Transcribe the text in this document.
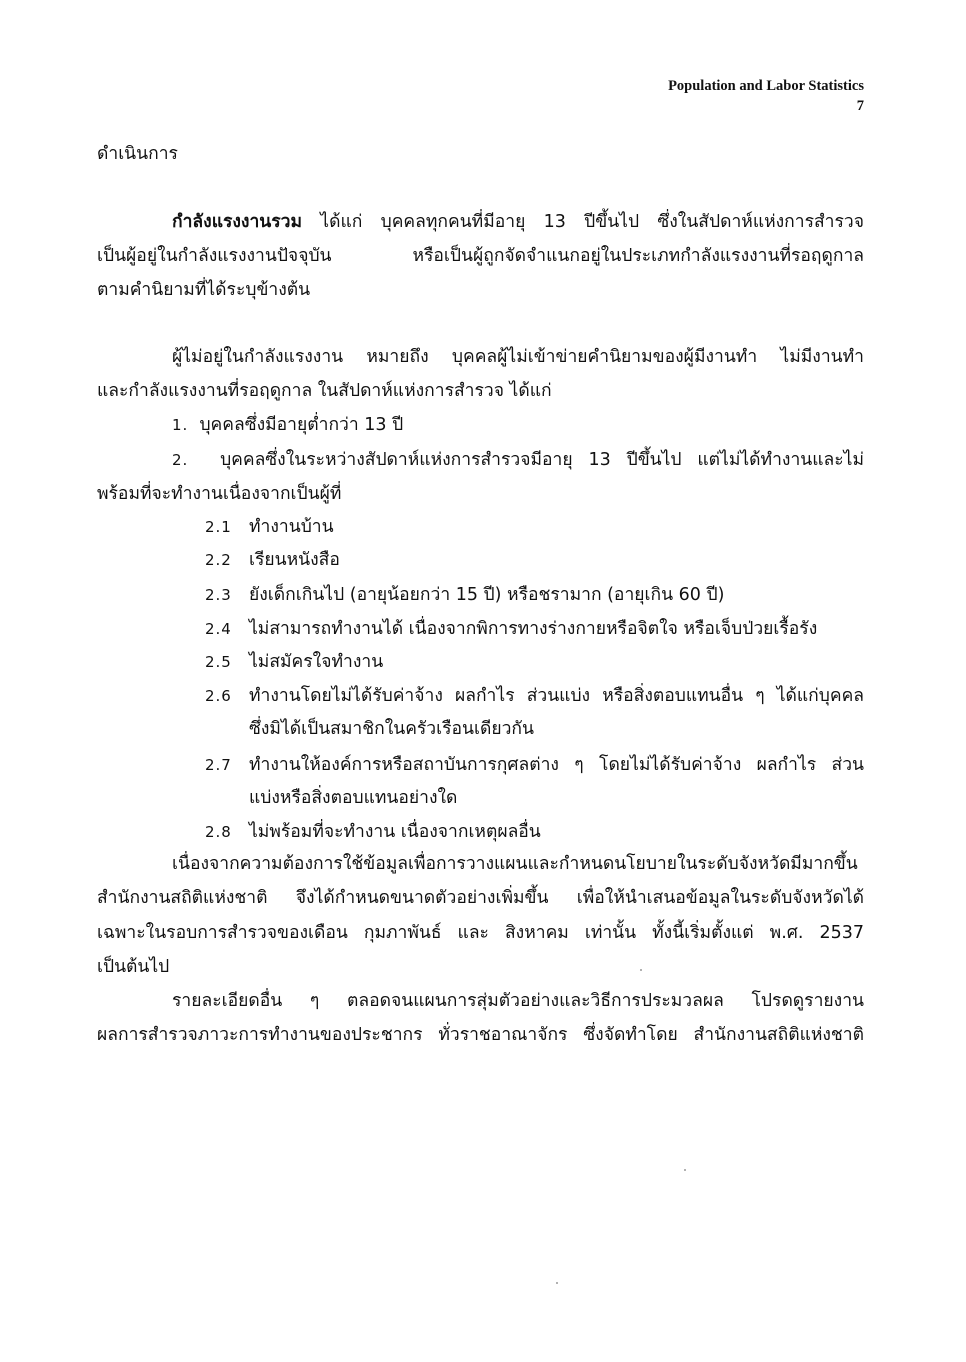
Population and Labor Statistics
7

ดำเนินการ

กำลังแรงงานรวม ได้แก่ บุคคลทุกคนที่มีอายุ 13 ปีขึ้นไป ซึ่งในสัปดาห์แห่งการสำรวจ

เป็นผู้อยู่ในกำลังแรงงานปัจจุบัน หรือเป็นผู้ถูกจัดจำแนกอยู่ในประเภทกำลังแรงงานที่รอฤดูกาล

ตามคำนิยามที่ได้ระบุข้างต้น

ผู้ไม่อยู่ในกำลังแรงงาน หมายถึง บุคคลผู้ไม่เข้าข่ายคำนิยามของผู้มีงานทำ ไม่มีงานทำ

และกำลังแรงงานที่รอฤดูกาล ในสัปดาห์แห่งการสำรวจ ได้แก่

1. บุคคลซึ่งมีอายุต่ำกว่า 13 ปี

2. บุคคลซึ่งในระหว่างสัปดาห์แห่งการสำรวจมีอายุ 13 ปีขึ้นไป แต่ไม่ได้ทำงานและไม่

พร้อมที่จะทำงานเนื่องจากเป็นผู้ที่

2.1 ทำงานบ้าน

2.2 เรียนหนังสือ

2.3 ยังเด็กเกินไป (อายุน้อยกว่า 15 ปี) หรือชรามาก (อายุเกิน 60 ปี)

2.4 ไม่สามารถทำงานได้ เนื่องจากพิการทางร่างกายหรือจิตใจ หรือเจ็บป่วยเรื้อรัง

2.5 ไม่สมัครใจทำงาน

2.6 ทำงานโดยไม่ได้รับค่าจ้าง ผลกำไร ส่วนแบ่ง หรือสิ่งตอบแทนอื่น ๆ ได้แก่บุคคล

ซึ่งมิได้เป็นสมาชิกในครัวเรือนเดียวกัน

2.7 ทำงานให้องค์การหรือสถาบันการกุศลต่าง ๆ โดยไม่ได้รับค่าจ้าง ผลกำไร ส่วน

แบ่งหรือสิ่งตอบแทนอย่างใด

2.8 ไม่พร้อมที่จะทำงาน เนื่องจากเหตุผลอื่น

เนื่องจากความต้องการใช้ข้อมูลเพื่อการวางแผนและกำหนดนโยบายในระดับจังหวัดมีมากขึ้น

สำนักงานสถิติแห่งชาติ จึงได้กำหนดขนาดตัวอย่างเพิ่มขึ้น เพื่อให้นำเสนอข้อมูลในระดับจังหวัดได้

เฉพาะในรอบการสำรวจของเดือน กุมภาพันธ์ และ สิงหาคม เท่านั้น ทั้งนี้เริ่มตั้งแต่ พ.ศ. 2537

เป็นต้นไป

รายละเอียดอื่น ๆ ตลอดจนแผนการสุ่มตัวอย่างและวิธีการประมวลผล โปรดดูรายงาน

ผลการสำรวจภาวะการทำงานของประชากร ทั่วราชอาณาจักร ซึ่งจัดทำโดย สำนักงานสถิติแห่งชาติ
